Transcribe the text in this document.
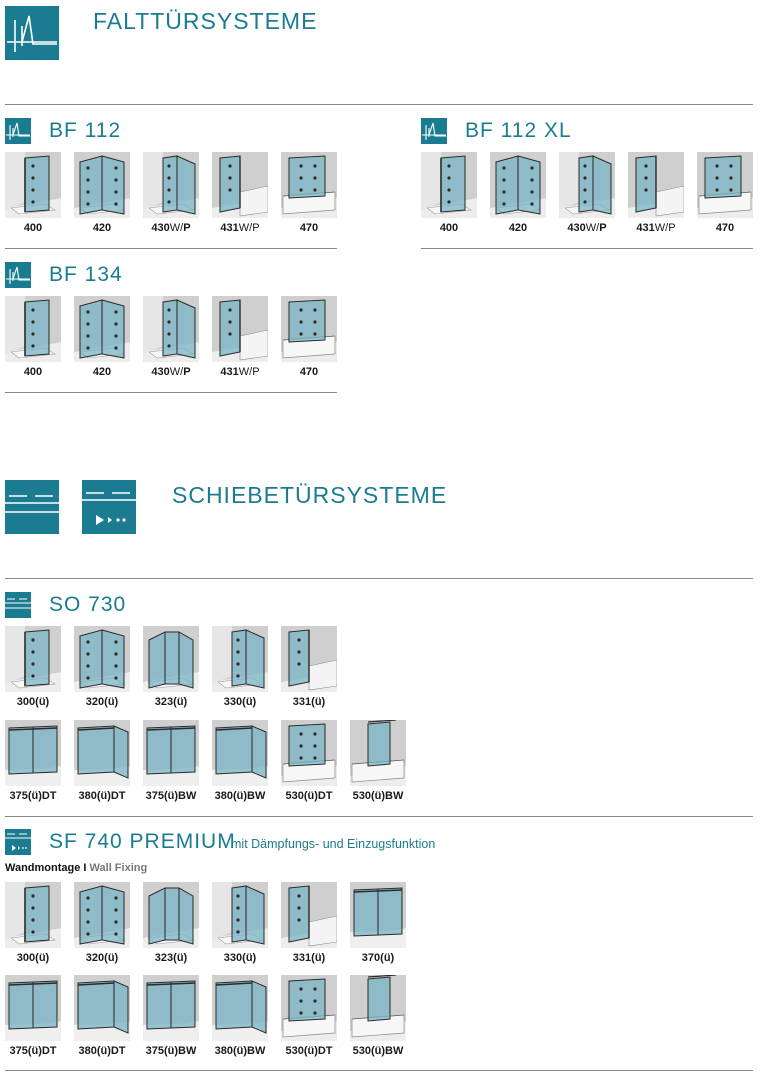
FALTTÜRSYSTEME
BF 112
400	420	430W/P	431W/P	470
BF 112 XL
400	420	430W/P	431W/P	470
BF 134
400	420	430W/P	431W/P	470
SCHIEBETÜRSYSTEME
SO 730
300(ü)	320(ü)	323(ü)	330(ü)	331(ü)
375(ü)DT	380(ü)DT	375(ü)BW 380(ü)BW	530(ü)DT	530(ü)BW
SF 740 PREMIUM
mit Dämpfungs- und Einzugsfunktion
Wandmontage I Wall Fixing
300(ü)	320(ü)	323(ü)	330(ü)	331(ü)	370(ü)
375(ü)DT	380(ü)DT	375(ü)BW 380(ü)BW	530(ü)DT	530(ü)BW
